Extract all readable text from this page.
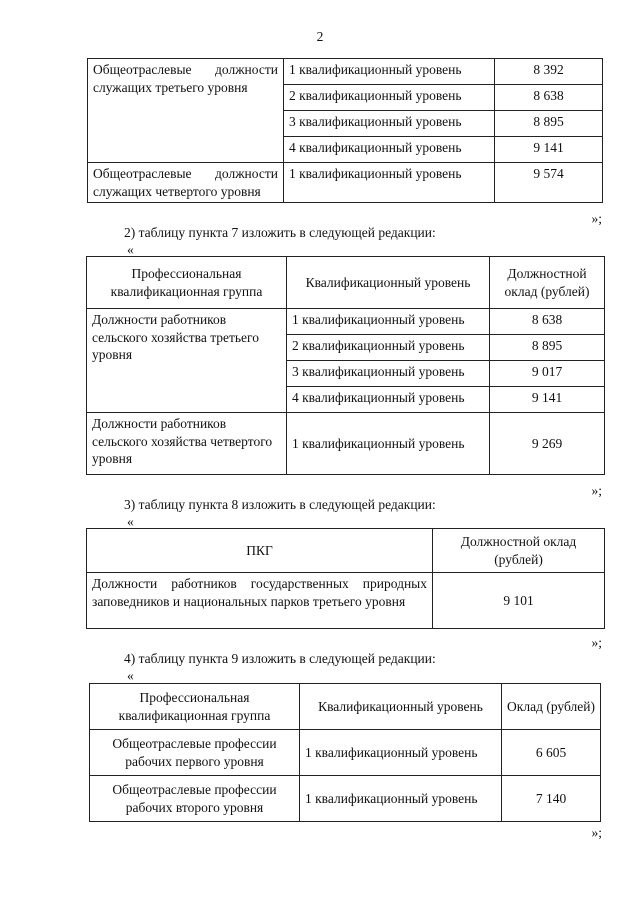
2
Общеотраслевые должности служащих третьего уровня	1 квалификационный уровень	8 392
	2 квалификационный уровень	8 638
	3 квалификационный уровень	8 895
	4 квалификационный уровень	9 141
Общеотраслевые должности служащих четвертого уровня	1 квалификационный уровень	9 574
»;
2) таблицу пункта 7 изложить в следующей редакции:
«
Профессиональная квалификационная группа	Квалификационный уровень	Должностной оклад (рублей)
Должности работников сельского хозяйства третьего уровня	1 квалификационный уровень	8 638
	2 квалификационный уровень	8 895
	3 квалификационный уровень	9 017
	4 квалификационный уровень	9 141
Должности работников сельского хозяйства четвертого уровня	1 квалификационный уровень	9 269
»;
3) таблицу пункта 8 изложить в следующей редакции:
«
ПКГ	Должностной оклад (рублей)
Должности работников государственных природных заповедников и национальных парков третьего уровня	9 101
»;
4) таблицу пункта 9 изложить в следующей редакции:
«
Профессиональная квалификационная группа	Квалификационный уровень	Оклад (рублей)
Общеотраслевые профессии рабочих первого уровня	1 квалификационный уровень	6 605
Общеотраслевые профессии рабочих второго уровня	1 квалификационный уровень	7 140
»;
